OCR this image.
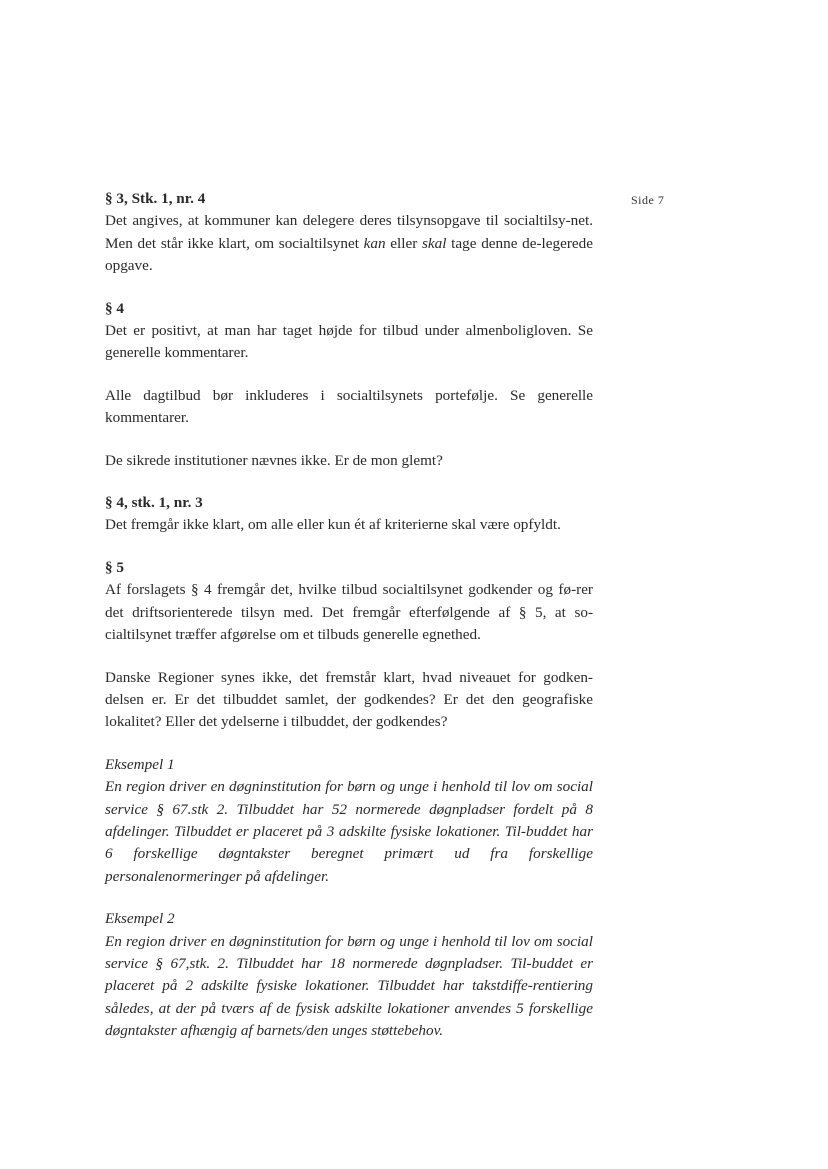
Side 7
§ 3, Stk. 1, nr. 4

Det angives, at kommuner kan delegere deres tilsynsopgave til socialtilsy-net. Men det står ikke klart, om socialtilsynet kan eller skal tage denne de-legerede opgave.

§ 4

Det er positivt, at man har taget højde for tilbud under almenboligloven. Se generelle kommentarer.

Alle dagtilbud bør inkluderes i socialtilsynets portefølje. Se generelle kommentarer.

De sikrede institutioner nævnes ikke. Er de mon glemt?

§ 4, stk. 1, nr. 3

Det fremgår ikke klart, om alle eller kun ét af kriterierne skal være opfyldt.

§ 5

Af forslagets § 4 fremgår det, hvilke tilbud socialtilsynet godkender og fø-rer det driftsorienterede tilsyn med. Det fremgår efterfølgende af § 5, at so-cialtilsynet træffer afgørelse om et tilbuds generelle egnethed.

Danske Regioner synes ikke, det fremstår klart, hvad niveauet for godken-delsen er. Er det tilbuddet samlet, der godkendes? Er det den geografiske lokalitet? Eller det ydelserne i tilbuddet, der godkendes?

Eksempel 1
En region driver en døgninstitution for børn og unge i henhold til lov om social service § 67.stk 2. Tilbuddet har 52 normerede døgnpladser fordelt på 8 afdelinger. Tilbuddet er placeret på 3 adskilte fysiske lokationer. Til-buddet har 6 forskellige døgntakster beregnet primært ud fra forskellige personalenormeringer på afdelinger.
Eksempel 2
En region driver en døgninstitution for børn og unge i henhold til lov om social service § 67,stk. 2. Tilbuddet har 18 normerede døgnpladser. Til-buddet er placeret på 2 adskilte fysiske lokationer. Tilbuddet har takstdiffe-rentiering således, at der på tværs af de fysisk adskilte lokationer anvendes 5 forskellige døgntakster afhængig af barnets/den unges støttebehov.
